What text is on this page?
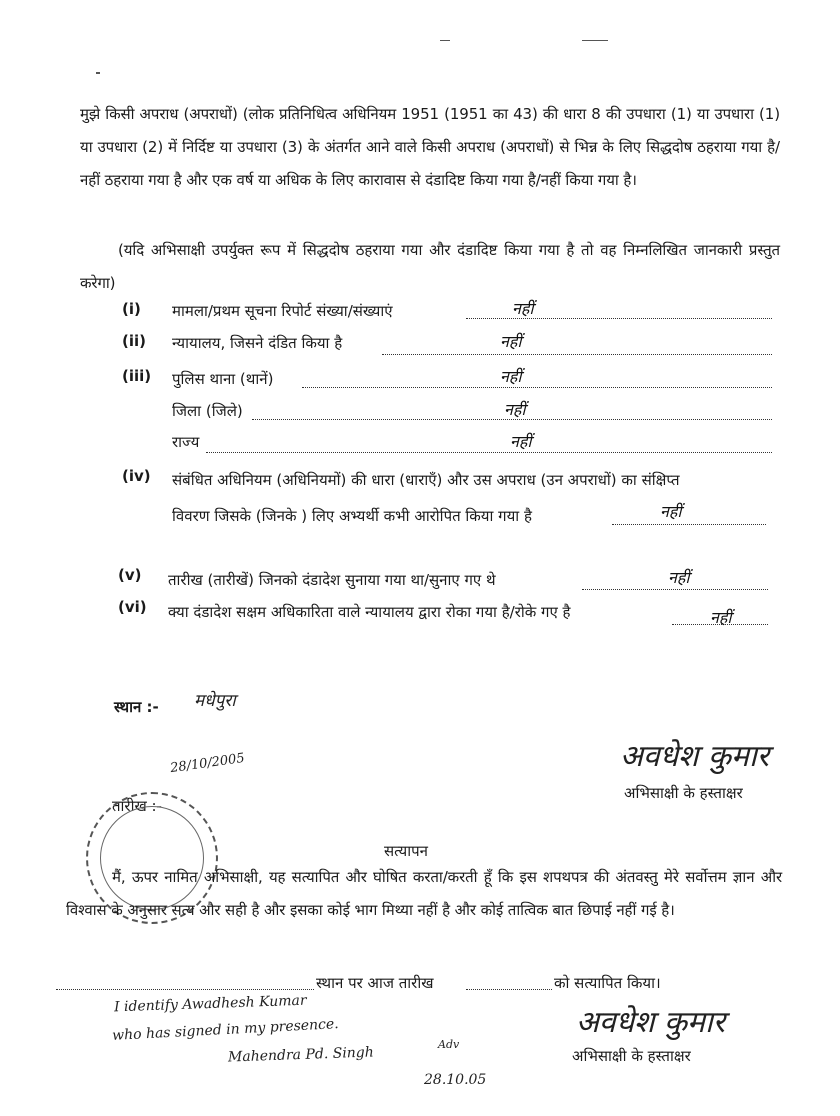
मुझे किसी अपराध (अपराधों) (लोक प्रतिनिधित्व अधिनियम 1951 (1951 का 43) की धारा 8 की उपधारा (1) या उपधारा (1) या उपधारा (2) में निर्दिष्ट या उपधारा (3) के अंतर्गत आने वाले किसी अपराध (अपराधों) से भिन्न के लिए सिद्धदोष ठहराया गया है/नहीं ठहराया गया है और एक वर्ष या अधिक के लिए कारावास से दंडादिष्ट किया गया है/नहीं किया गया है।

(यदि अभिसाक्षी उपर्युक्त रूप में सिद्धदोष ठहराया गया और दंडादिष्ट किया गया है तो वह निम्नलिखित जानकारी प्रस्तुत करेगा)

(i) मामला/प्रथम सूचना रिपोर्ट संख्या/संख्याएं	नहीं
(ii) न्यायालय, जिसने दंडित किया है	नहीं
(iii) पुलिस थाना (थानें)	नहीं
जिला (जिले)	नहीं
राज्य	नहीं
(iv) संबंधित अधिनियम (अधिनियमों) की धारा (धाराएँ) और उस अपराध (उन अपराधों) का संक्षिप्त
विवरण जिसके (जिनके ) लिए अभ्यर्थी कभी आरोपित किया गया है	नहीं
(v) तारीख (तारीखें) जिनको दंडादेश सुनाया गया था/सुनाए गए थे	नहीं
(vi) क्या दंडादेश सक्षम अधिकारिता वाले न्यायालय द्वारा रोका गया है/रोके गए है	नहीं
स्थान :- मधेपुरा
28/10/2005
तारीख :-
अवधेश कुमार
अभिसाक्षी के हस्ताक्षर
सत्यापन

मैं, ऊपर नामित अभिसाक्षी, यह सत्यापित और घोषित करता/करती हूँ कि इस शपथपत्र की अंतवस्तु मेरे सर्वोत्तम ज्ञान और विश्वास के अनुसार सत्य और सही है और इसका कोई भाग मिथ्या नहीं है और कोई तात्विक बात छिपाई नहीं गई है।

स्थान पर आज तारीख	को सत्यापित किया।
I identify Awadhesh Kumar
who has signed in my presence.
Mahendra Pd. Singh	Adv
28.10.05
अवधेश कुमार
अभिसाक्षी के हस्ताक्षर
